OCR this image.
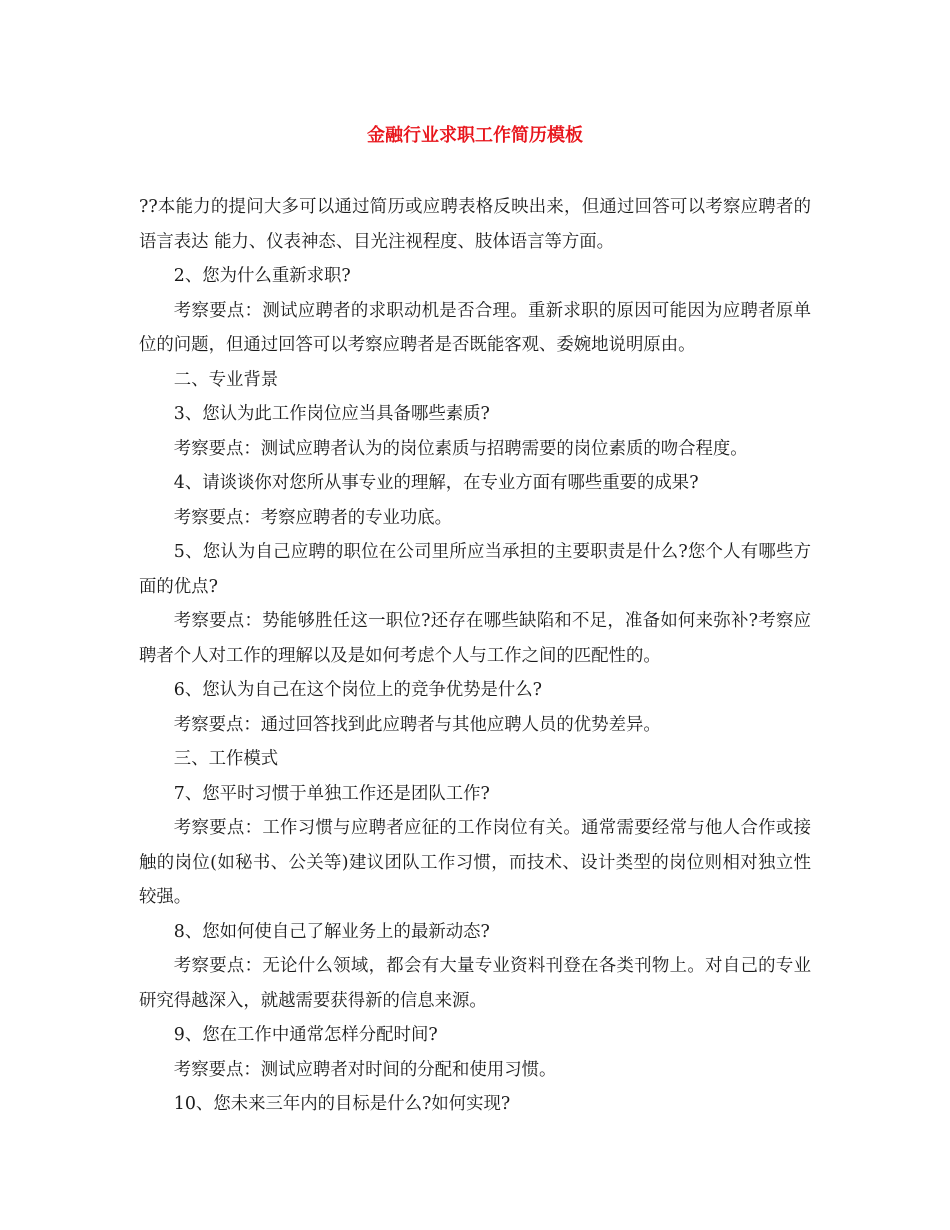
金融行业求职工作简历模板

??本能力的提问大多可以通过简历或应聘表格反映出来，但通过回答可以考察应聘者的语言表达 能力、仪表神态、目光注视程度、肢体语言等方面。

2、您为什么重新求职?

考察要点：测试应聘者的求职动机是否合理。重新求职的原因可能因为应聘者原单位的问题，但通过回答可以考察应聘者是否既能客观、委婉地说明原由。

二、专业背景

3、您认为此工作岗位应当具备哪些素质?

考察要点：测试应聘者认为的岗位素质与招聘需要的岗位素质的吻合程度。

4、请谈谈你对您所从事专业的理解，在专业方面有哪些重要的成果?

考察要点：考察应聘者的专业功底。

5、您认为自己应聘的职位在公司里所应当承担的主要职责是什么?您个人有哪些方面的优点?

考察要点：势能够胜任这一职位?还存在哪些缺陷和不足，准备如何来弥补?考察应聘者个人对工作的理解以及是如何考虑个人与工作之间的匹配性的。

6、您认为自己在这个岗位上的竞争优势是什么?

考察要点：通过回答找到此应聘者与其他应聘人员的优势差异。

三、工作模式

7、您平时习惯于单独工作还是团队工作?

考察要点：工作习惯与应聘者应征的工作岗位有关。通常需要经常与他人合作或接触的岗位(如秘书、公关等)建议团队工作习惯，而技术、设计类型的岗位则相对独立性较强。

8、您如何使自己了解业务上的最新动态?

考察要点：无论什么领域，都会有大量专业资料刊登在各类刊物上。对自己的专业研究得越深入，就越需要获得新的信息来源。

9、您在工作中通常怎样分配时间?

考察要点：测试应聘者对时间的分配和使用习惯。

10、您未来三年内的目标是什么?如何实现?
